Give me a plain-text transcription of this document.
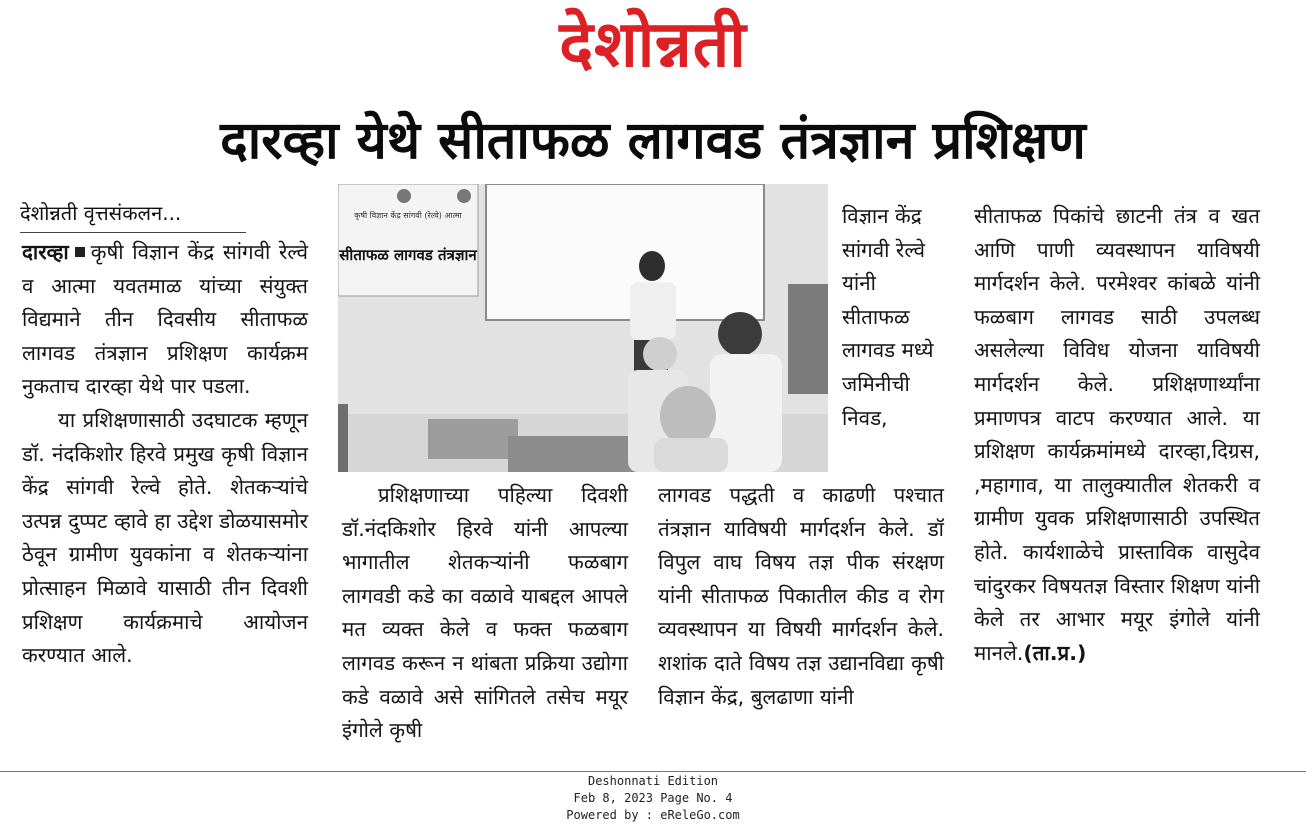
देशोन्नती
दारव्हा येथे सीताफळ लागवड तंत्रज्ञान प्रशिक्षण
देशोन्नती वृत्तसंकलन...
दारव्हा कृषी विज्ञान केंद्र सांगवी रेल्वे व आत्मा यवतमाळ यांच्या संयुक्त विद्यमाने तीन दिवसीय सीताफळ लागवड तंत्रज्ञान प्रशिक्षण कार्यक्रम नुकताच दारव्हा येथे पार पडला.
या प्रशिक्षणासाठी उदघाटक म्हणून डॉ. नंदकिशोर हिरवे प्रमुख कृषी विज्ञान केंद्र सांगवी रेल्वे होते. शेतकऱ्यांचे उत्पन्न दुप्पट व्हावे हा उद्देश डोळयासमोर ठेवून ग्रामीण युवकांना व शेतकऱ्यांना प्रोत्साहन मिळावे यासाठी तीन दिवशी प्रशिक्षण कार्यक्रमाचे आयोजन करण्यात आले.
कृषी विज्ञान केंद्र सांगवी (रेल्वे) आत्मा
सीताफळ लागवड तंत्रज्ञान
प्रशिक्षणाच्या पहिल्या दिवशी डॉ.नंदकिशोर हिरवे यांनी आपल्या भागातील शेतकऱ्यांनी फळबाग लागवडी कडे का वळावे याबद्दल आपले मत व्यक्त केले व फक्त फळबाग लागवड करून न थांबता प्रक्रिया उद्योगा कडे वळावे असे सांगितले तसेच मयूर इंगोले कृषी
विज्ञान केंद्र सांगवी रेल्वे यांनी सीताफळ लागवड मध्ये जमिनीची निवड,
लागवड पद्धती व काढणी पश्चात तंत्रज्ञान याविषयी मार्गदर्शन केले. डॉ विपुल वाघ विषय तज्ञ पीक संरक्षण यांनी सीताफळ पिकातील कीड व रोग व्यवस्थापन या विषयी मार्गदर्शन केले. शशांक दाते विषय तज्ञ उद्यानविद्या कृषी विज्ञान केंद्र, बुलढाणा यांनी
सीताफळ पिकांचे छाटनी तंत्र व खत आणि पाणी व्यवस्थापन याविषयी मार्गदर्शन केले. परमेश्वर कांबळे यांनी फळबाग लागवड साठी उपलब्ध असलेल्या विविध योजना याविषयी मार्गदर्शन केले. प्रशिक्षणार्थ्यांना प्रमाणपत्र वाटप करण्यात आले. या प्रशिक्षण कार्यक्रमांमध्ये दारव्हा,दिग्रस, ,महागाव, या तालुक्यातील शेतकरी व ग्रामीण युवक प्रशिक्षणासाठी उपस्थित होते. कार्यशाळेचे प्रास्ताविक वासुदेव चांदुरकर विषयतज्ञ विस्तार शिक्षण यांनी केले तर आभार मयूर इंगोले यांनी मानले.(ता.प्र.)
Deshonnati Edition
Feb 8, 2023 Page No. 4
Powered by : eReleGo.com
